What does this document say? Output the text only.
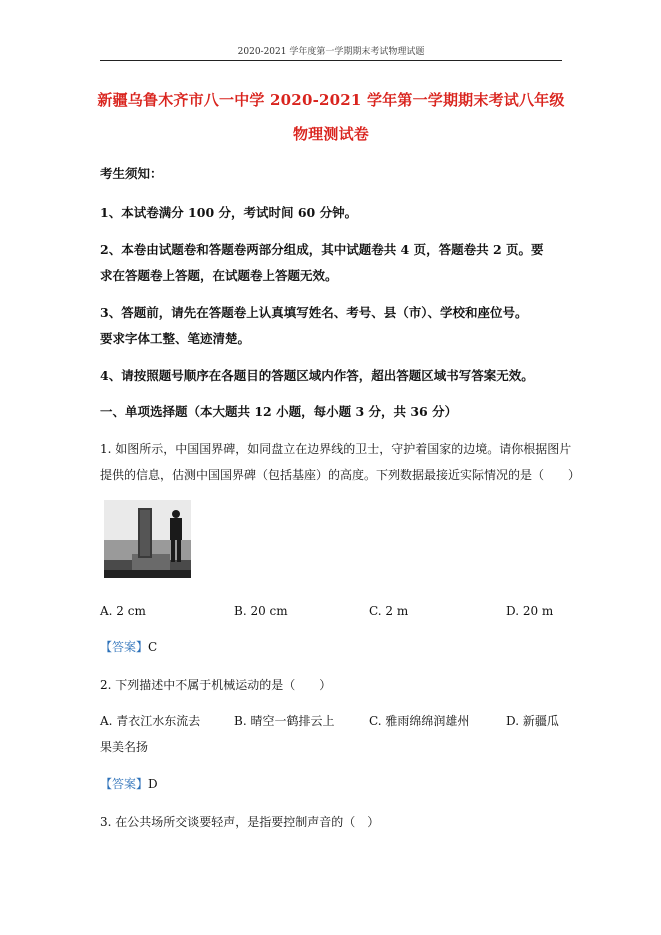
2020-2021 学年度第一学期期末考试物理试题
新疆乌鲁木齐市八一中学 2020-2021 学年第一学期期末考试八年级
物理测试卷
考生须知：
1、本试卷满分 100 分，考试时间 60 分钟。
2、本卷由试题卷和答题卷两部分组成，其中试题卷共 4 页，答题卷共 2 页。要
求在答题卷上答题，在试题卷上答题无效。
3、答题前，请先在答题卷上认真填写姓名、考号、县（市）、学校和座位号。
要求字体工整、笔迹清楚。
4、请按照题号顺序在各题目的答题区域内作答，超出答题区域书写答案无效。
一、单项选择题（本大题共 12 小题，每小题 3 分，共 36 分）
1. 如图所示，中国国界碑，如同盘立在边界线的卫士，守护着国家的边境。请你根据图片
提供的信息，估测中国国界碑（包括基座）的高度。下列数据最接近实际情况的是（　　）
A. 2 cm	B. 20 cm	C. 2 m	D. 20 m
【答案】C
2. 下列描述中不属于机械运动的是（　　）
A. 青衣江水东流去	B. 晴空一鹤排云上	C. 雅雨绵绵润雄州	D. 新疆瓜
果美名扬
【答案】D
3. 在公共场所交谈要轻声，是指要控制声音的（　）
